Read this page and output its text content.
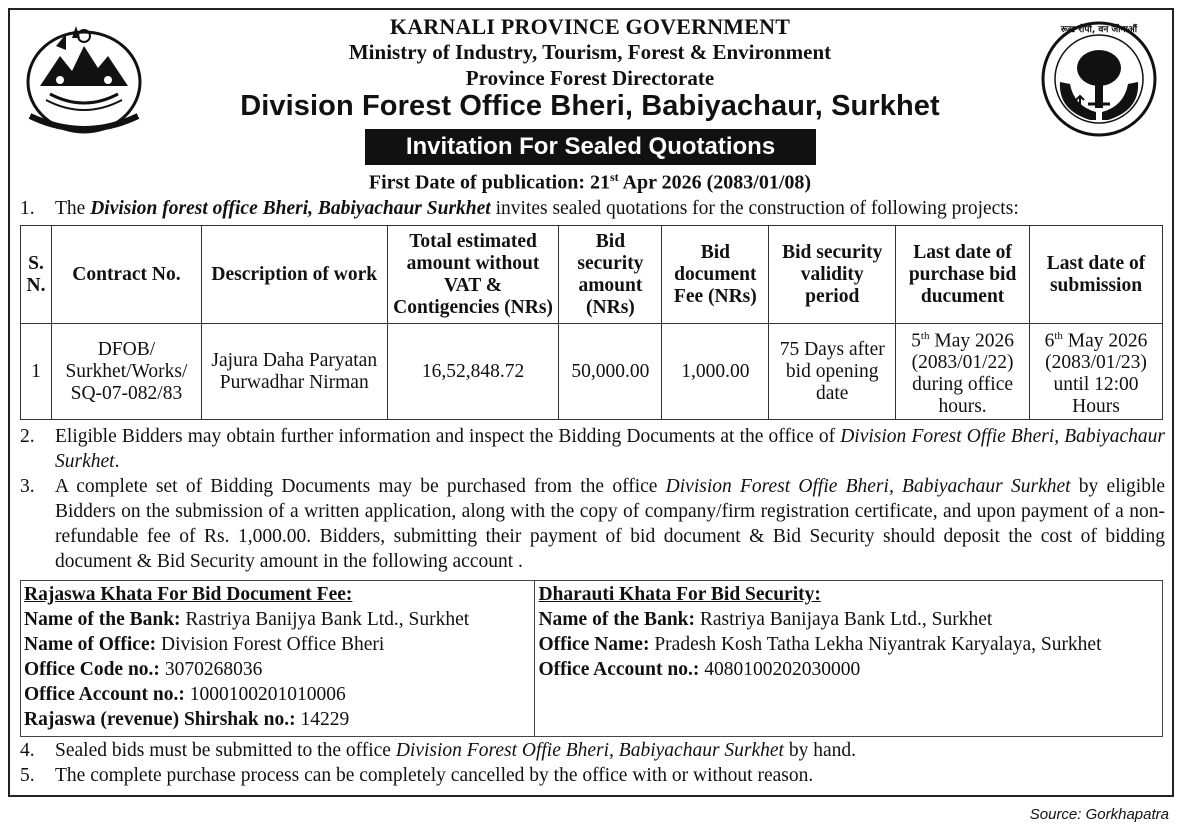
रूख रोपौं, वन जोगाऔं
KARNALI PROVINCE GOVERNMENT
Ministry of Industry, Tourism, Forest & Environment
Province Forest Directorate
Division Forest Office Bheri, Babiyachaur, Surkhet
Invitation For Sealed Quotations
First Date of publication: 21st Apr 2026 (2083/01/08)
1. The Division forest office Bheri, Babiyachaur Surkhet invites sealed quotations for the construction of following projects:
S. N.	Contract No.	Description of work	Total estimated amount without VAT & Contigencies (NRs)	Bid security amount (NRs)	Bid document Fee (NRs)	Bid security validity period	Last date of purchase bid ducument	Last date of submission
1	DFOB/ Surkhet/Works/ SQ-07-082/83	Jajura Daha Paryatan Purwadhar Nirman	16,52,848.72	50,000.00	1,000.00	75 Days after bid opening date	5th May 2026 (2083/01/22) during office hours.	6th May 2026 (2083/01/23) until 12:00 Hours
2. Eligible Bidders may obtain further information and inspect the Bidding Documents at the office of Division Forest Offie Bheri, Babiyachaur Surkhet.
3. A complete set of Bidding Documents may be purchased from the office Division Forest Offie Bheri, Babiyachaur Surkhet by eligible Bidders on the submission of a written application, along with the copy of company/firm registration certificate, and upon payment of a non-refundable fee of Rs. 1,000.00. Bidders, submitting their payment of bid document & Bid Security should deposit the cost of bidding document & Bid Security amount in the following account .
Rajaswa Khata For Bid Document Fee:
Name of the Bank: Rastriya Banijya Bank Ltd., Surkhet
Name of Office: Division Forest Office Bheri
Office Code no.: 3070268036
Office Account no.: 1000100201010006
Rajaswa (revenue) Shirshak no.: 14229

Dharauti Khata For Bid Security:
Name of the Bank: Rastriya Banijaya Bank Ltd., Surkhet
Office Name: Pradesh Kosh Tatha Lekha Niyantrak Karyalaya, Surkhet
Office Account no.: 4080100202030000
4. Sealed bids must be submitted to the office Division Forest Offie Bheri, Babiyachaur Surkhet by hand.
5. The complete purchase process can be completely cancelled by the office with or without reason.
Source: Gorkhapatra
